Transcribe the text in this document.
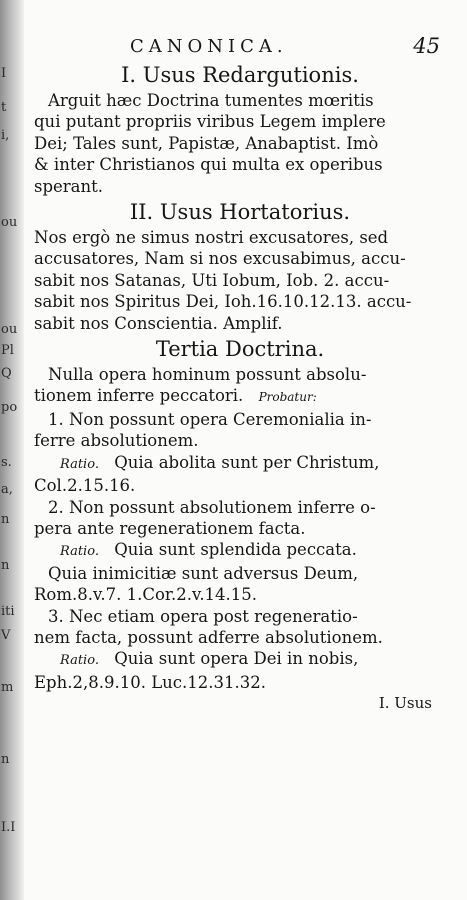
I
t
i,
ou
ou
Pl
Q
po
s.
a,
n
n
iti
V
m
n
I.I
CANONICA.	45
I. Usus Redargutionis.
Arguit hæc Doctrina tumentes mœritis
qui putant propriis viribus Legem implere
Dei; Tales sunt, Papistæ, Anabaptist. Imò
& inter Christianos qui multa ex operibus
sperant.
II. Usus Hortatorius.
Nos ergò ne simus nostri excusatores, sed
accusatores, Nam si nos excusabimus, accu-
sabit nos Satanas, Uti Iobum, Iob. 2. accu-
sabit nos Spiritus Dei, Ioh.16.10.12.13. accu-
sabit nos Conscientia. Amplif.
Tertia Doctrina.
Nulla opera hominum possunt absolu-
tionem inferre peccatori. Probatur:
1. Non possunt opera Ceremonialia in-
ferre absolutionem.
Ratio. Quia abolita sunt per Christum,
Col.2.15.16.
2. Non possunt absolutionem inferre o-
pera ante regenerationem facta.
Ratio. Quia sunt splendida peccata.
Quia inimicitiæ sunt adversus Deum,
Rom.8.v.7. 1.Cor.2.v.14.15.
3. Nec etiam opera post regeneratio-
nem facta, possunt adferre absolutionem.
Ratio. Quia sunt opera Dei in nobis,
Eph.2,8.9.10. Luc.12.31.32.
I. Usus
